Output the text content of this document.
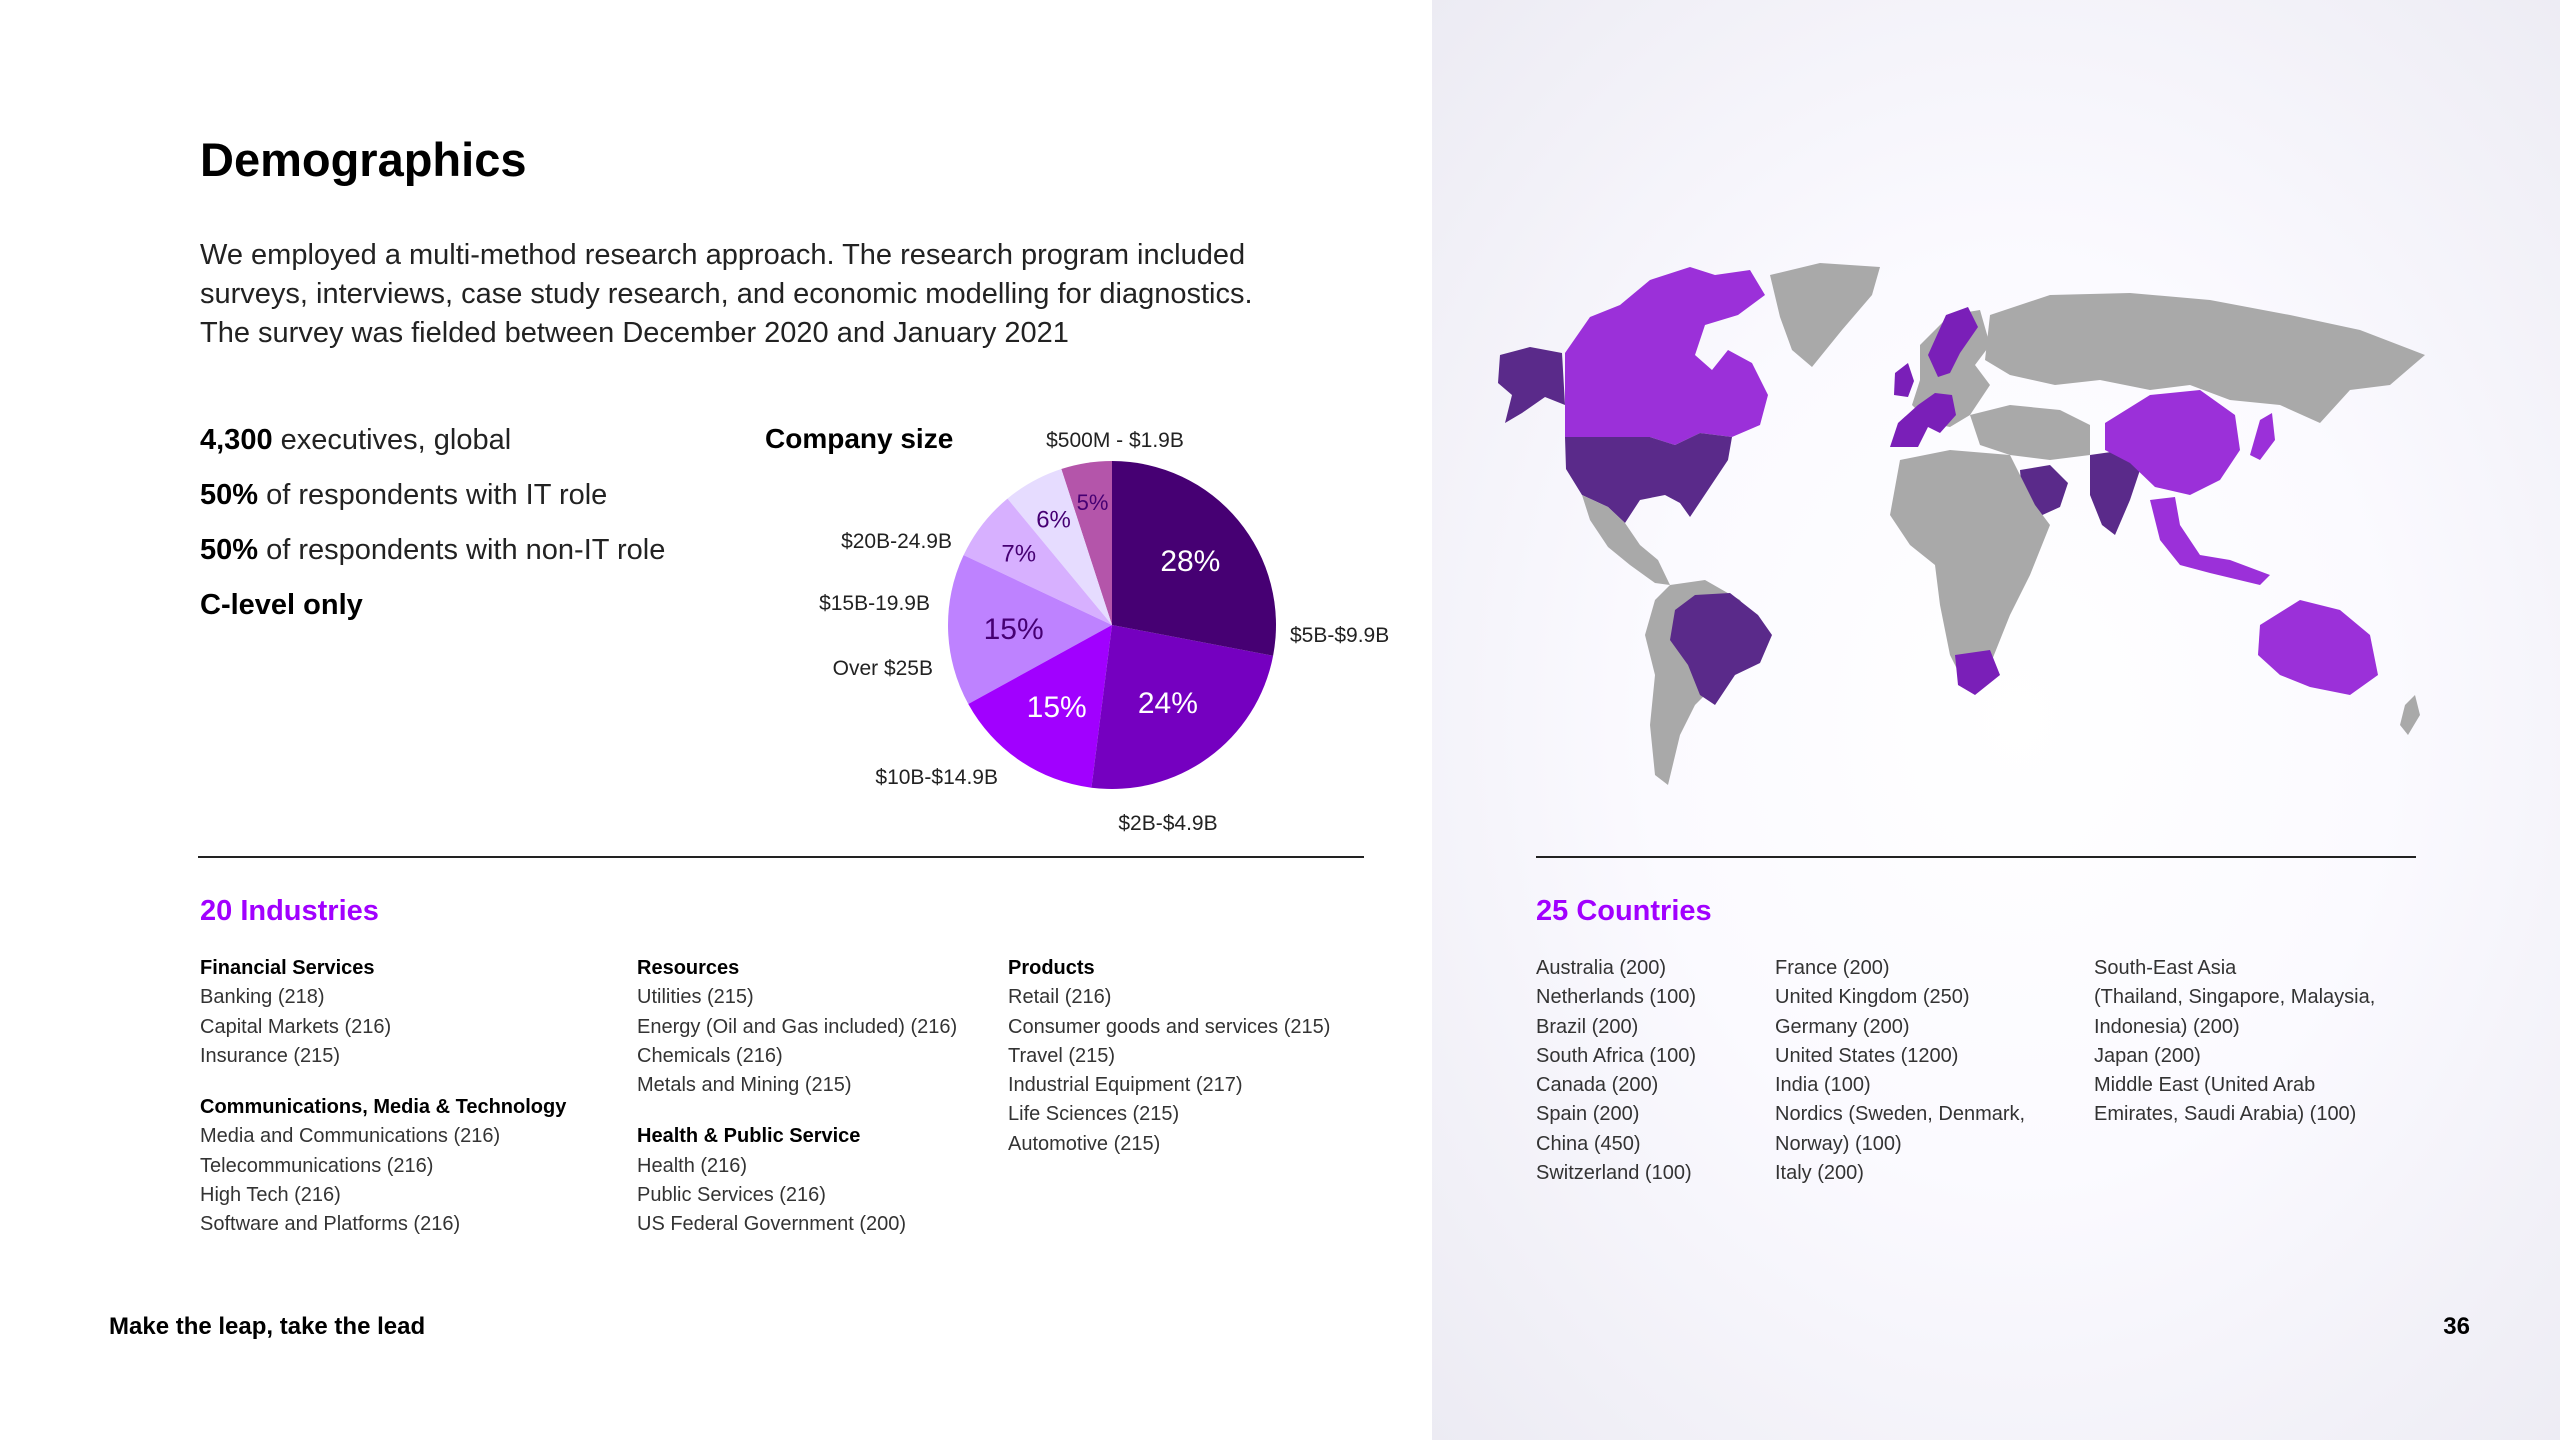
Demographics
We employed a multi-method research approach. The research program included
surveys, interviews, case study research, and economic modelling for diagnostics.
The survey was fielded between December 2020 and January 2021
4,300 executives, global
50% of respondents with IT role
50% of respondents with non-IT role
C-level only
Company size
28%
$500M - $1.9B
24%
$5B-$9.9B
15%
$2B-$4.9B
15%
$10B-$14.9B
7%
Over $25B
6%
$15B-19.9B
5%
$20B-24.9B
20 Industries	25 Countries
Financial Services
Banking (218)
Capital Markets (216)
Insurance (215)
Communications, Media & Technology
Media and Communications (216)
Telecommunications (216)
High Tech (216)
Software and Platforms (216)
Resources
Utilities (215)
Energy (Oil and Gas included) (216)
Chemicals (216)
Metals and Mining (215)
Health & Public Service
Health (216)
Public Services (216)
US Federal Government (200)
Products
Retail (216)
Consumer goods and services (215)
Travel (215)
Industrial Equipment (217)
Life Sciences (215)
Automotive (215)
Australia (200)
Netherlands (100)
Brazil (200)
South Africa (100)
Canada (200)
Spain (200)
China (450)
Switzerland (100)
France (200)
United Kingdom (250)
Germany (200)
United States (1200)
India (100)
Nordics (Sweden, Denmark,
Norway) (100)
Italy (200)
South-East Asia
(Thailand, Singapore, Malaysia,
Indonesia) (200)
Japan (200)
Middle East (United Arab
Emirates, Saudi Arabia) (100)
Make the leap, take the lead	36
